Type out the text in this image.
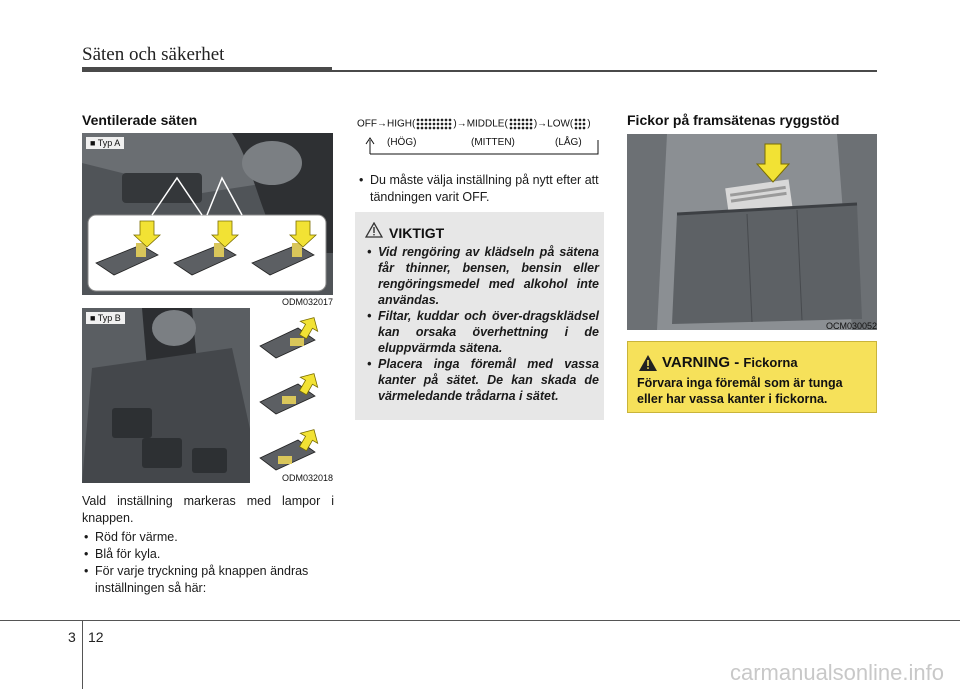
Säten och säkerhet
Ventilerade säten
■ Typ A
ODM032017
■ Typ B
ODM032018

Vald inställning markeras med lampor i knappen.

• Röd för värme.
• Blå för kyla.
• För varje tryckning på knappen ändras inställningen så här:
OFF→HIGH(	)→MIDDLE(	)→LOW( )
(HÖG)	(MITTEN)	(LÅG)
• Du måste välja inställning på nytt efter att tändningen varit OFF.
VIKTIGT
• Vid rengöring av klädseln på sätena får thinner, bensen, bensin eller rengöringsmedel med alkohol inte användas.
• Filtar, kuddar och över-dragsklädsel kan orsaka överhettning i de eluppvärmda sätena.
• Placera inga föremål med vassa kanter på sätet. De kan skada de värmeledande trådarna i sätet.
Fickor på framsätenas ryggstöd
OCM030052
VARNING - Fickorna
Förvara inga föremål som är tunga eller har vassa kanter i fickorna.
3 12
carmanualsonline.info
